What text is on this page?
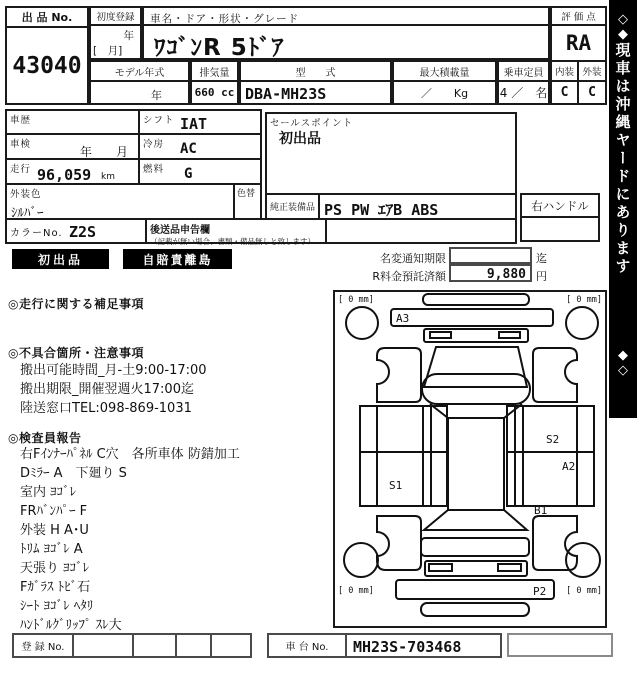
出 品 No.
43040
初度登録
年
[　月]
車名・ドア・形状・グレード
ﾜｺﾞﾝR 5ﾄﾞｱ
評 価 点
RA
モデル年式	排気量	型　　式	最大積載量	乗車定員	内装 外装
年	660 cc DBA-MH23S	／　　Kg	4 ／　名	C	C
車歴	シフト IAT
車検
年　　月
冷房 AC
走行 96,059 km
燃料 G
外装色
ｼﾙﾊﾞｰ
色替
カラーNo. Z2S	後送品申告欄
（記載が無い場合、書類・備品無しと致します）
セールスポイント
初出品
純正装備品 PS PW ｴｱB ABS	右ハンドル
初出品	自賠責離島	名変通知期限	迄
R料金預託済額	9,880 円
◎走行に関する補足事項
◎不具合箇所・注意事項
搬出可能時間_月-土9:00-17:00
搬出期限_開催翌週火17:00迄
陸送窓口TEL:098-869-1031
◎検査員報告
右Fｲﾝﾅｰﾊﾟﾈﾙ C穴　各所車体 防錆加工
Dﾐﾗｰ A　下廻り S
室内 ﾖｺﾞﾚ
FRﾊﾞﾝﾊﾟｰ F
外装 H A･U
ﾄﾘﾑ ﾖｺﾞﾚ A
天張り ﾖｺﾞﾚ
Fｶﾞﾗｽ ﾄﾋﾞ石
ｼｰﾄ ﾖｺﾞﾚ ﾍﾀﾘ
ﾊﾝﾄﾞﾙｸﾞﾘｯﾌﾟ ｽﾚ大
A3
S1
S2
A2
B1
P2
[ 0 mm]	[ 0 mm]
[ 0 mm]	[ 0 mm]
◇
◆
現車は沖縄ヤードにあります
◆
◇
登 録 No.	車 台 No.	MH23S-703468
